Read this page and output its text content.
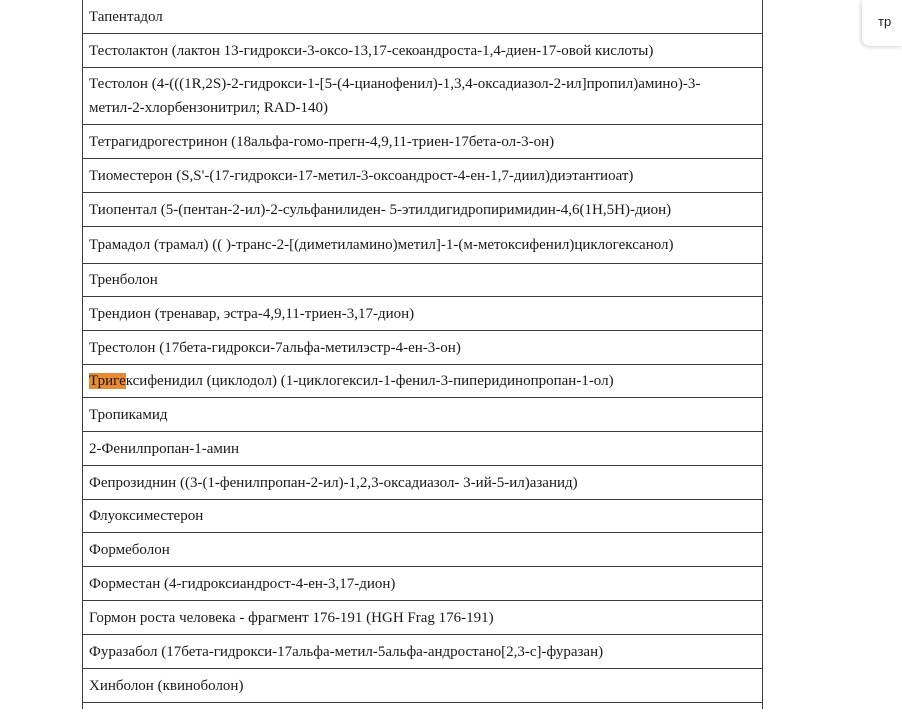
Тапентадол
Тестолактон (лактон 13-гидрокси-3-оксо-13,17-секоандроста-1,4-диен-17-овой кислоты)
Тестолон (4-(((1R,2S)-2-гидрокси-1-[5-(4-цианофенил)-1,3,4-оксадиазол-2-ил]пропил)амино)-3-метил-2-хлорбензонитрил; RAD-140)
Тетрагидрогестринон (18альфа-гомо-прегн-4,9,11-триен-17бета-ол-3-он)
Тиоместерон (S,S'-(17-гидрокси-17-метил-3-оксоандрост-4-ен-1,7-диил)диэтантиоат)
Тиопентал (5-(пентан-2-ил)-2-сульфанилиден- 5-этилдигидропиримидин-4,6(1Н,5Н)-дион)
Трамадол (трамал) (( )-транс-2-[(диметиламино)метил]-1-(м-метоксифенил)циклогексанол)
Тренболон
Трендион (тренавар, эстра-4,9,11-триен-3,17-дион)
Трестолон (17бета-гидрокси-7альфа-метилэстр-4-ен-3-он)
Тригексифенидил (циклодол) (1-циклогексил-1-фенил-3-пиперидинопропан-1-ол)
Тропикамид
2-Фенилпропан-1-амин
Фепрозиднин ((3-(1-фенилпропан-2-ил)-1,2,3-оксадиазол- 3-ий-5-ил)азанид)
Флуоксиместерон
Формеболон
Форместан (4-гидроксиандрост-4-ен-3,17-дион)
Гормон роста человека - фрагмент 176-191 (HGH Frag 176-191)
Фуразабол (17бета-гидрокси-17альфа-метил-5альфа-андростано[2,3-с]-фуразан)
Хинболон (квиноболон)

тр
